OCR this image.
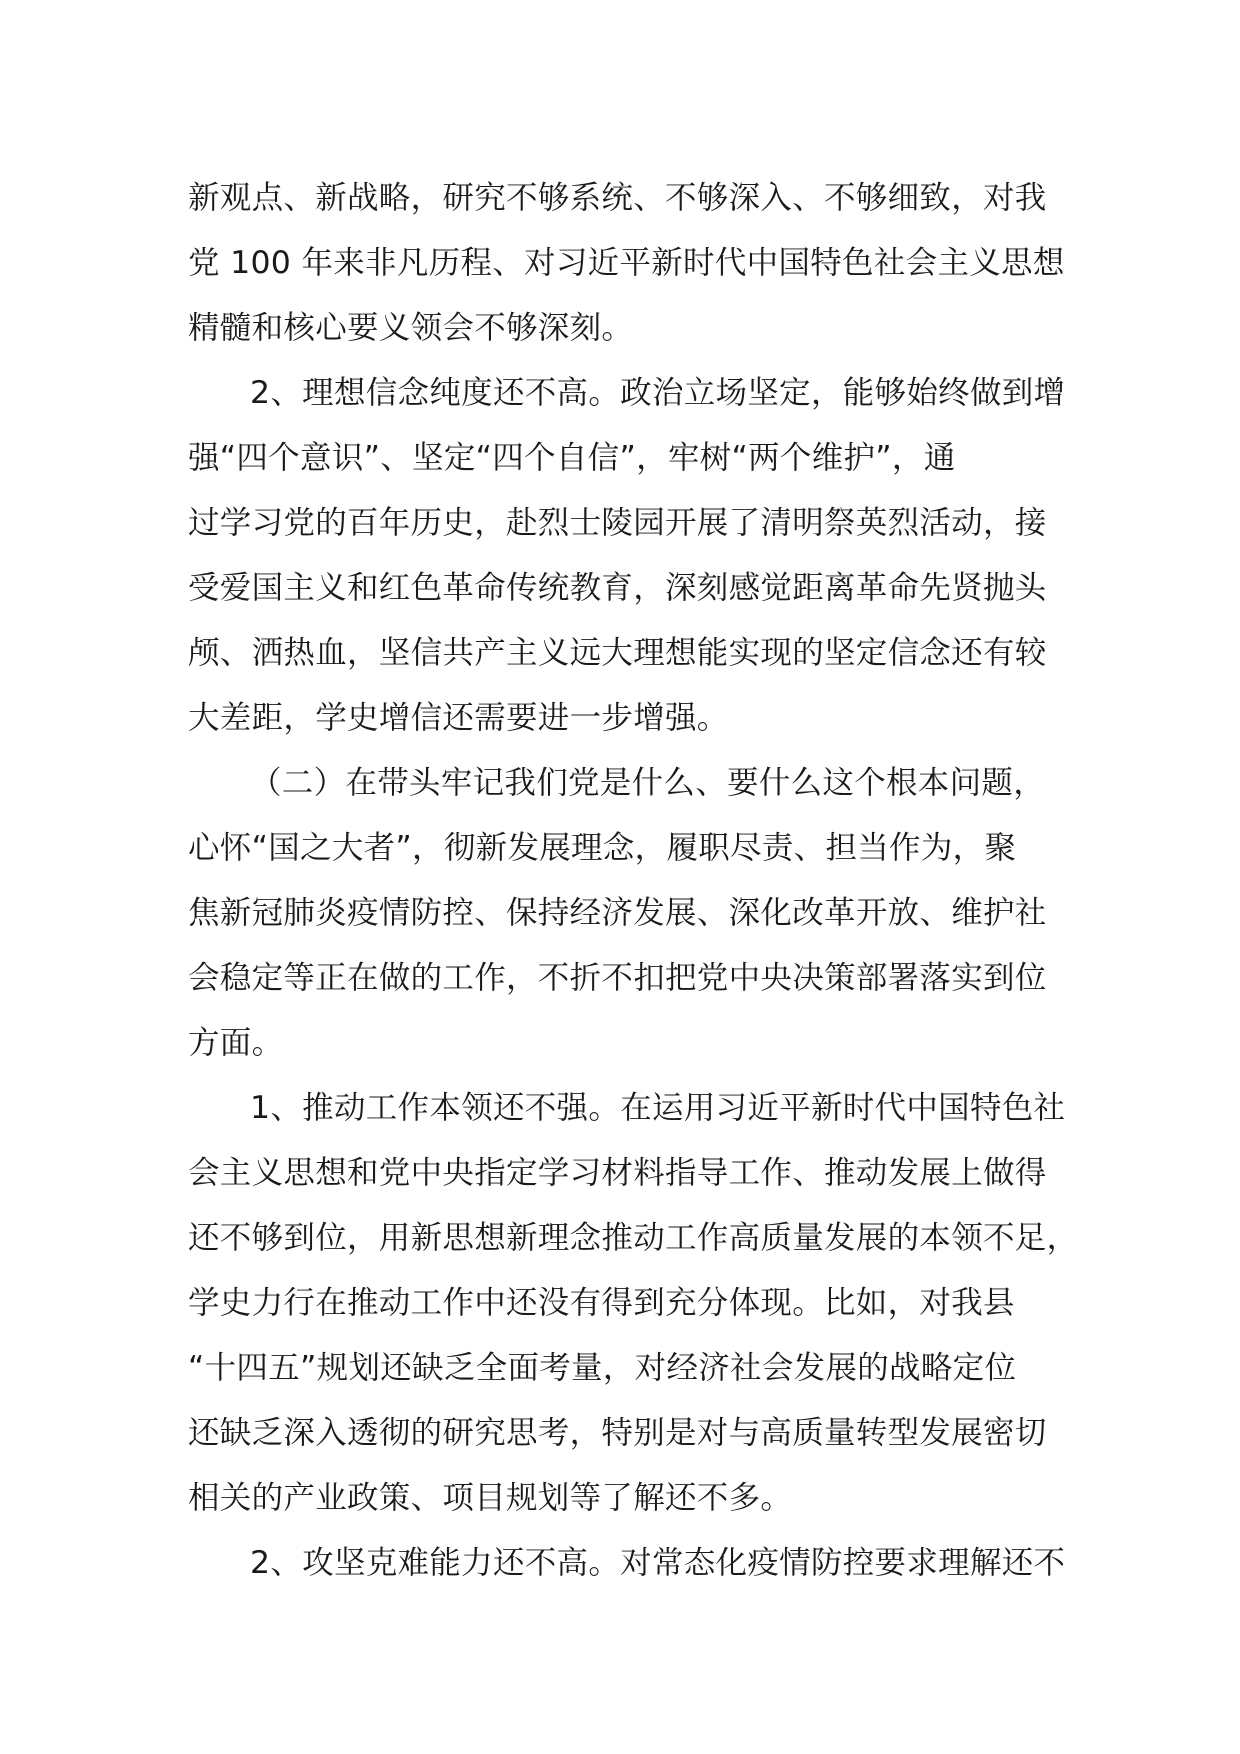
新观点、新战略，研究不够系统、不够深入、不够细致，对我
党 100 年来非凡历程、对习近平新时代中国特色社会主义思想
精髓和核心要义领会不够深刻。
2、理想信念纯度还不高。政治立场坚定，能够始终做到增
强“四个意识”、坚定“四个自信”，牢树“两个维护”，通
过学习党的百年历史，赴烈士陵园开展了清明祭英烈活动，接
受爱国主义和红色革命传统教育，深刻感觉距离革命先贤抛头
颅、洒热血，坚信共产主义远大理想能实现的坚定信念还有较
大差距，学史增信还需要进一步增强。
（二）在带头牢记我们党是什么、要什么这个根本问题，
心怀“国之大者”，彻新发展理念，履职尽责、担当作为，聚
焦新冠肺炎疫情防控、保持经济发展、深化改革开放、维护社
会稳定等正在做的工作，不折不扣把党中央决策部署落实到位
方面。
1、推动工作本领还不强。在运用习近平新时代中国特色社
会主义思想和党中央指定学习材料指导工作、推动发展上做得
还不够到位，用新思想新理念推动工作高质量发展的本领不足，
学史力行在推动工作中还没有得到充分体现。比如，对我县
“十四五”规划还缺乏全面考量，对经济社会发展的战略定位
还缺乏深入透彻的研究思考，特别是对与高质量转型发展密切
相关的产业政策、项目规划等了解还不多。
2、攻坚克难能力还不高。对常态化疫情防控要求理解还不
